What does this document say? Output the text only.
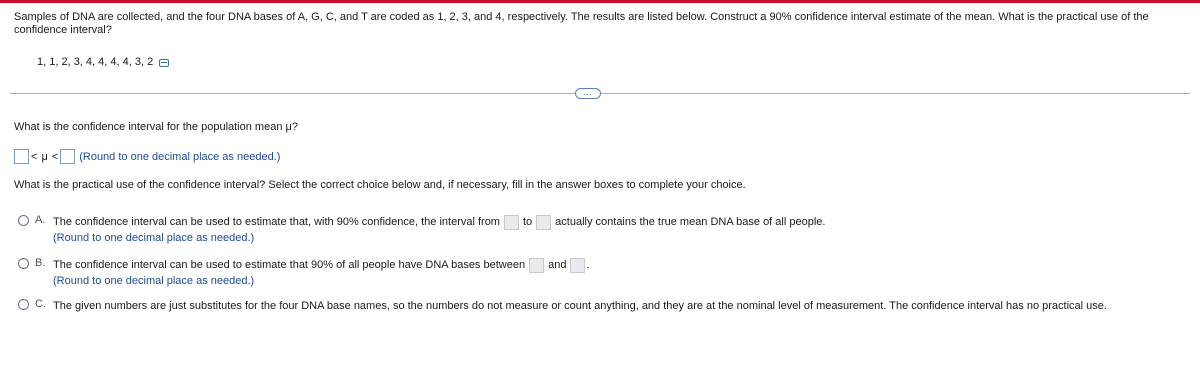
Samples of DNA are collected, and the four DNA bases of A, G, C, and T are coded as 1, 2, 3, and 4, respectively. The results are listed below. Construct a 90% confidence interval estimate of the mean. What is the practical use of the confidence interval?
1, 1, 2, 3, 4, 4, 4, 4, 3, 2
…
What is the confidence interval for the population mean μ?
< μ < (Round to one decimal place as needed.)
What is the practical use of the confidence interval? Select the correct choice below and, if necessary, fill in the answer boxes to complete your choice.
A. The confidence interval can be used to estimate that, with 90% confidence, the interval from to actually contains the true mean DNA base of all people.
(Round to one decimal place as needed.)
B. The confidence interval can be used to estimate that 90% of all people have DNA bases between and .
(Round to one decimal place as needed.)
C. The given numbers are just substitutes for the four DNA base names, so the numbers do not measure or count anything, and they are at the nominal level of measurement. The confidence interval has no practical use.
